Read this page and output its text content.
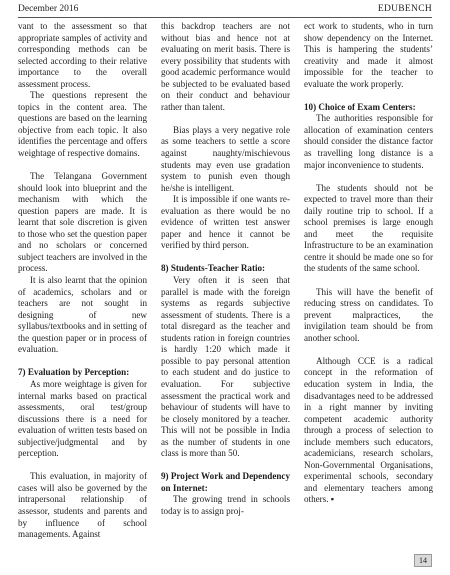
December 2016	EDUBENCH

vant to the assessment so that appropriate samples of activity and corresponding methods can be selected according to their relative importance to the overall assessment process.

The questions represent the topics in the content area. The questions are based on the learning objective from each topic. It also identifies the percentage and offers weightage of respective domains.

The Telangana Government should look into blueprint and the mechanism with which the question papers are made. It is learnt that sole discretion is given to those who set the question paper and no scholars or concerned subject teachers are involved in the process.

It is also learnt that the opinion of academics, scholars and or teachers are not sought in designing of new syllabus/textbooks and in setting of the question paper or in process of evaluation.

7) Evaluation by Perception:

As more weightage is given for internal marks based on practical assessments, oral test/group discussions there is a need for evaluation of written tests based on subjective/judgmental and by perception.

This evaluation, in majority of cases will also be governed by the intrapersonal relationship of assessor, students and parents and by influence of school managements. Against

this backdrop teachers are not without bias and hence not at evaluating on merit basis. There is every possibility that students with good academic performance would be subjected to be evaluated based on their conduct and behaviour rather than talent.

Bias plays a very negative role as some teachers to settle a score against naughty/mischievous students may even use gradation system to punish even though he/she is intelligent.

It is impossible if one wants re-evaluation as there would be no evidence of written test answer paper and hence it cannot be verified by third person.

8) Students-Teacher Ratio:

Very often it is seen that parallel is made with the foreign systems as regards subjective assessment of students. There is a total disregard as the teacher and students ration in foreign countries is hardly 1:20 which made it possible to pay personal attention to each student and do justice to evaluation. For subjective assessment the practical work and behaviour of students will have to be closely monitored by a teacher. This will not be possible in India as the number of students in one class is more than 50.

9) Project Work and Dependency on Internet:

The growing trend in schools today is to assign proj-

ect work to students, who in turn show dependency on the Internet. This is hampering the students’ creativity and made it almost impossible for the teacher to evaluate the work properly.

10) Choice of Exam Centers:

The authorities responsible for allocation of examination centers should consider the distance factor as travelling long distance is a major inconvenience to students.

The students should not be expected to travel more than their daily routine trip to school. If a school premises is large enough and meet the requisite Infrastructure to be an examination centre it should be made one so for the students of the same school.

This will have the benefit of reducing stress on candidates. To prevent malpractices, the invigilation team should be from another school.

Although CCE is a radical concept in the reformation of education system in India, the disadvantages need to be addressed in a right manner by inviting competent academic authority through a process of selection to include members such educators, academicians, research scholars, Non-Governmental Organisations, experimental schools, secondary and elementary teachers among others. ▪

14
